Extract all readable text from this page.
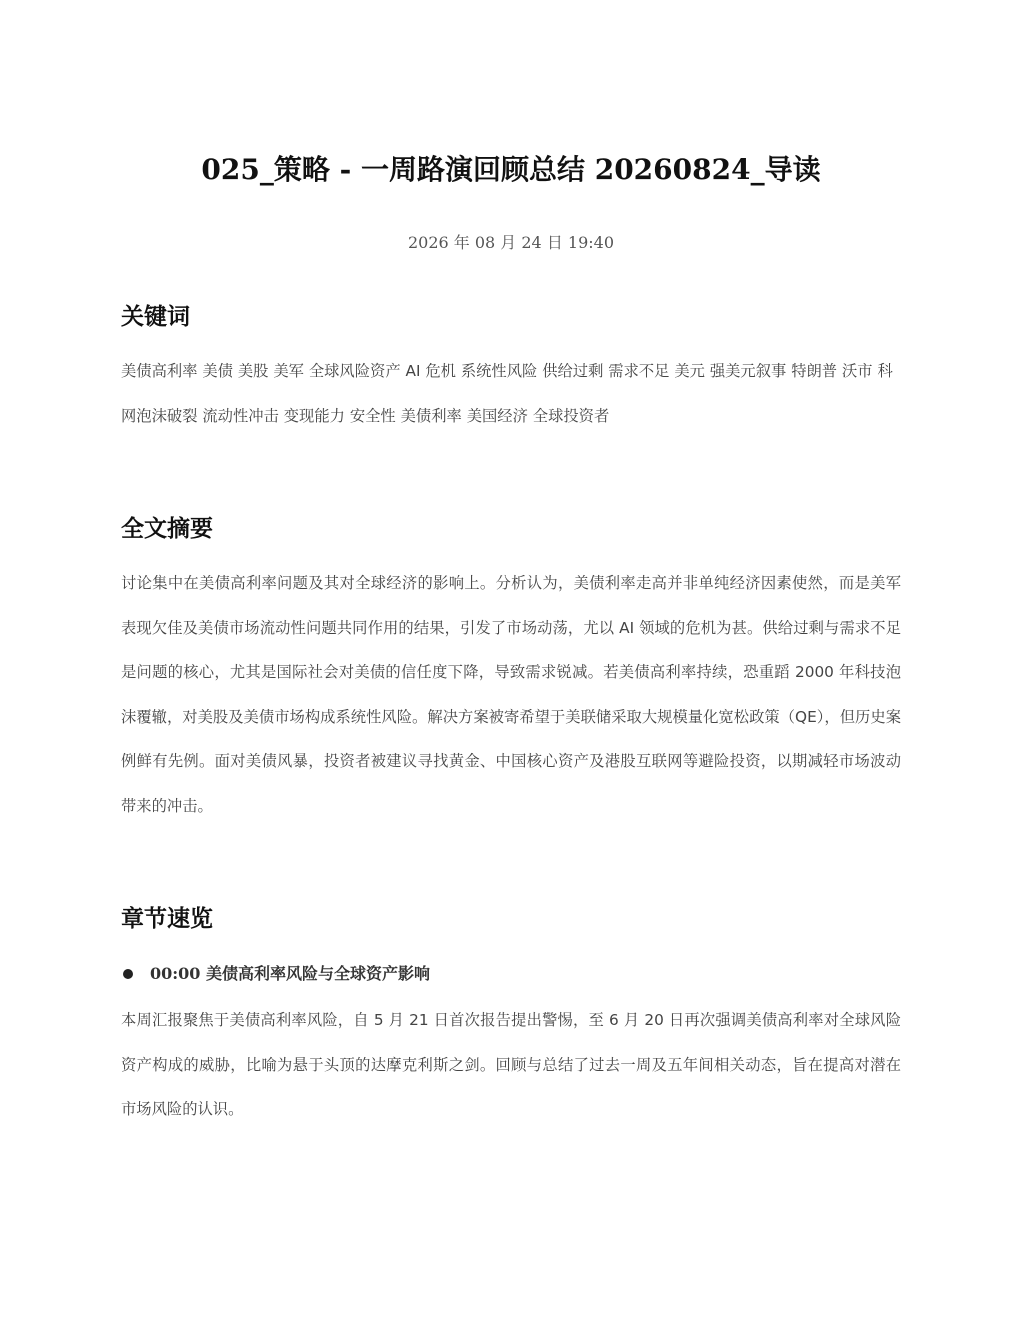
025_策略 - 一周路演回顾总结 20260824_导读

2026 年 08 月 24 日 19:40

关键词
美债高利率 美债 美股 美军 全球风险资产 AI 危机 系统性风险 供给过剩 需求不足 美元 强美元叙事 特朗普 沃市 科网泡沫破裂 流动性冲击 变现能力 安全性 美债利率 美国经济 全球投资者
全文摘要

讨论集中在美债高利率问题及其对全球经济的影响上。分析认为，美债利率走高并非单纯经济因素使然，而是美军表现欠佳及美债市场流动性问题共同作用的结果，引发了市场动荡，尤以 AI 领域的危机为甚。供给过剩与需求不足是问题的核心，尤其是国际社会对美债的信任度下降，导致需求锐减。若美债高利率持续，恐重蹈 2000 年科技泡沫覆辙，对美股及美债市场构成系统性风险。解决方案被寄希望于美联储采取大规模量化宽松政策（QE），但历史案例鲜有先例。面对美债风暴，投资者被建议寻找黄金、中国核心资产及港股互联网等避险投资，以期减轻市场波动带来的冲击。

章节速览
00:00 美债高利率风险与全球资产影响

本周汇报聚焦于美债高利率风险，自 5 月 21 日首次报告提出警惕，至 6 月 20 日再次强调美债高利率对全球风险资产构成的威胁，比喻为悬于头顶的达摩克利斯之剑。回顾与总结了过去一周及五年间相关动态，旨在提高对潜在市场风险的认识。
